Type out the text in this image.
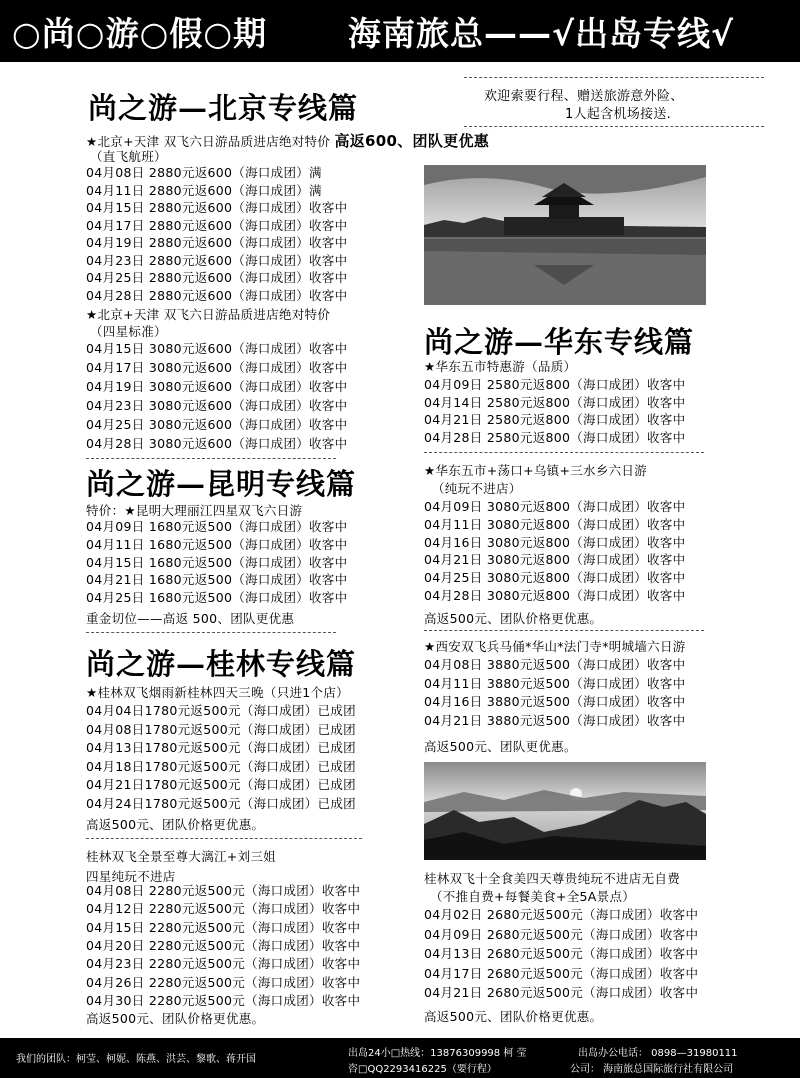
○尚○游○假○期 海南旅总——√出岛专线√
欢迎索要行程、赠送旅游意外险、
1人起含机场接送.
尚之游—北京专线篇
★北京+天津 双飞六日游品质进店绝对特价 高返600、团队更优惠
（直飞航班）
04月08日 2880元返600（海口成团）满
04月11日 2880元返600（海口成团）满
04月15日 2880元返600（海口成团）收客中
04月17日 2880元返600（海口成团）收客中
04月19日 2880元返600（海口成团）收客中
04月23日 2880元返600（海口成团）收客中
04月25日 2880元返600（海口成团）收客中
04月28日 2880元返600（海口成团）收客中
★北京+天津 双飞六日游品质进店绝对特价
（四星标准）
04月15日 3080元返600（海口成团）收客中
04月17日 3080元返600（海口成团）收客中
04月19日 3080元返600（海口成团）收客中
04月23日 3080元返600（海口成团）收客中
04月25日 3080元返600（海口成团）收客中
04月28日 3080元返600（海口成团）收客中
尚之游—昆明专线篇
特价：★昆明大理丽江四星双飞六日游
04月09日 1680元返500（海口成团）收客中
04月11日 1680元返500（海口成团）收客中
04月15日 1680元返500（海口成团）收客中
04月21日 1680元返500（海口成团）收客中
04月25日 1680元返500（海口成团）收客中
重金切位——高返 500、团队更优惠
尚之游—桂林专线篇
★桂林双飞烟雨新桂林四天三晚（只进1个店）
04月04日1780元返500元（海口成团）已成团
04月08日1780元返500元（海口成团）已成团
04月13日1780元返500元（海口成团）已成团
04月18日1780元返500元（海口成团）已成团
04月21日1780元返500元（海口成团）已成团
04月24日1780元返500元（海口成团）已成团
高返500元、团队价格更优惠。
桂林双飞全景至尊大漓江+刘三姐
四星纯玩不进店
04月08日 2280元返500元（海口成团）收客中
04月12日 2280元返500元（海口成团）收客中
04月15日 2280元返500元（海口成团）收客中
04月20日 2280元返500元（海口成团）收客中
04月23日 2280元返500元（海口成团）收客中
04月26日 2280元返500元（海口成团）收客中
04月30日 2280元返500元（海口成团）收客中
高返500元、团队价格更优惠。
尚之游—华东专线篇
★华东五市特惠游（品质）
04月09日 2580元返800（海口成团）收客中
04月14日 2580元返800（海口成团）收客中
04月21日 2580元返800（海口成团）收客中
04月28日 2580元返800（海口成团）收客中
★华东五市+荡口+乌镇+三水乡六日游
（纯玩不进店）
04月09日 3080元返800（海口成团）收客中
04月11日 3080元返800（海口成团）收客中
04月16日 3080元返800（海口成团）收客中
04月21日 3080元返800（海口成团）收客中
04月25日 3080元返800（海口成团）收客中
04月28日 3080元返800（海口成团）收客中
高返500元、团队价格更优惠。
★西安双飞兵马俑*华山*法门寺*明城墙六日游
04月08日 3880元返500（海口成团）收客中
04月11日 3880元返500（海口成团）收客中
04月16日 3880元返500（海口成团）收客中
04月21日 3880元返500（海口成团）收客中
高返500元、团队更优惠。
桂林双飞十全食美四天尊贵纯玩不进店无自费
（不推自费+每餐美食+全5A景点）
04月02日 2680元返500元（海口成团）收客中
04月09日 2680元返500元（海口成团）收客中
04月13日 2680元返500元（海口成团）收客中
04月17日 2680元返500元（海口成团）收客中
04月21日 2680元返500元（海口成团）收客中
高返500元、团队价格更优惠。
我们的团队：柯莹、柯妮、陈燕、洪芸、黎歌、蒋开国
出岛24小□热线：13876309998 柯 莹
咨□QQ2293416225（要行程）
出岛办公电话： 0898—31980111
公司： 海南旅总国际旅行社有限公司
